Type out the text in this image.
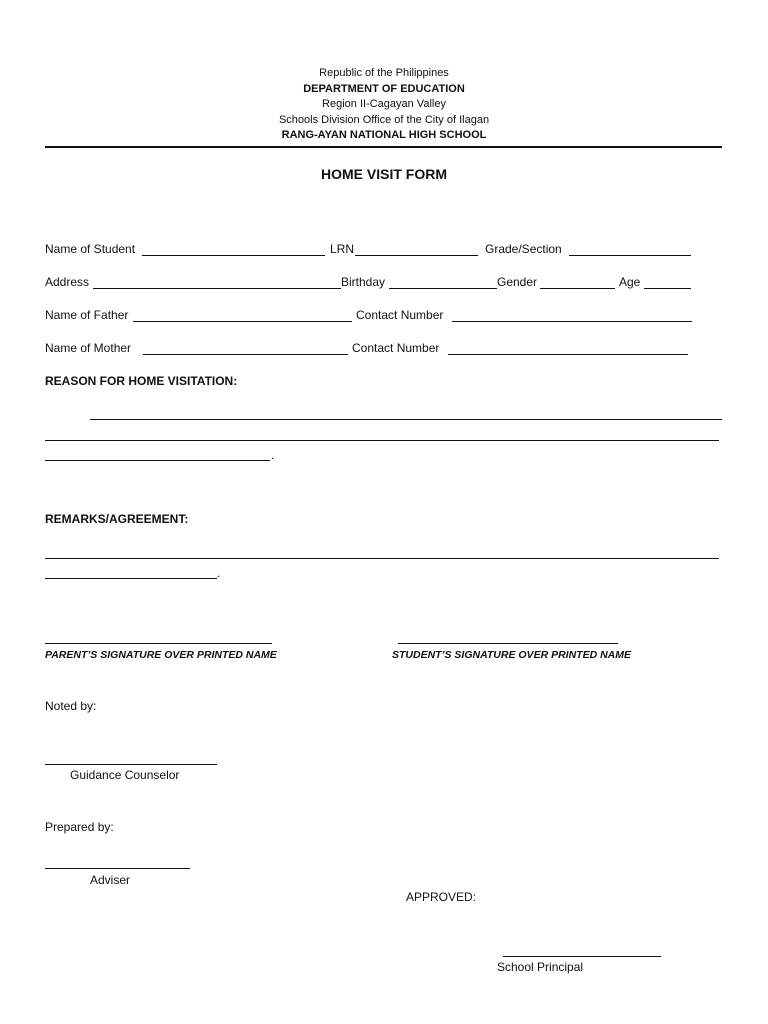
Republic of the Philippines
DEPARTMENT OF EDUCATION
Region II-Cagayan Valley
Schools Division Office of the City of Ilagan
RANG-AYAN NATIONAL HIGH SCHOOL
HOME VISIT FORM
Name of Student	LRN	Grade/Section
Address	Birthday	Gender	Age
Name of Father	Contact Number
Name of Mother	Contact Number
REASON FOR HOME VISITATION:
.
REMARKS/AGREEMENT:
.
PARENT’S SIGNATURE OVER PRINTED NAME	STUDENT’S SIGNATURE OVER PRINTED NAME
Noted by:
Guidance Counselor
Prepared by:
Adviser
APPROVED:
School Principal
